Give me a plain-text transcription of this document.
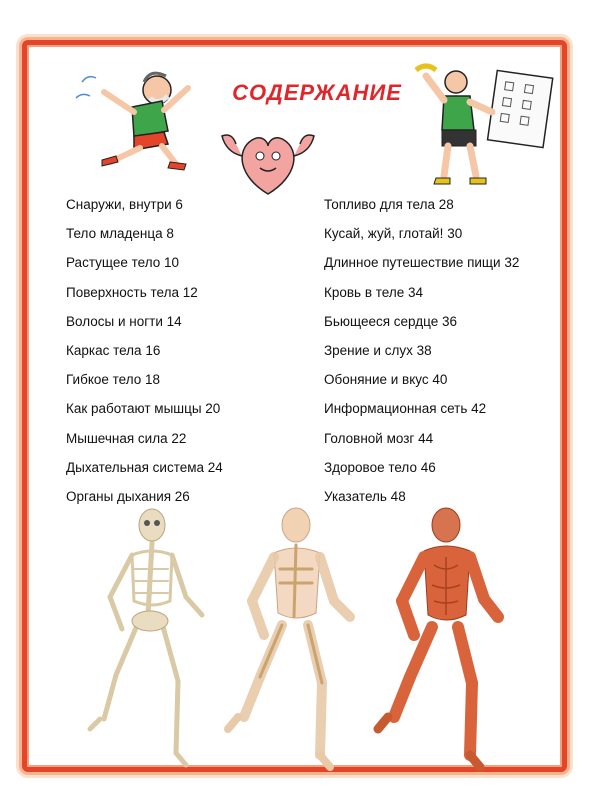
СОДЕРЖАНИЕ
Снаружи, внутри 6
Тело младенца 8
Растущее тело 10
Поверхность тела 12
Волосы и ногти 14
Каркас тела 16
Гибкое тело 18
Как работают мышцы 20
Мышечная сила 22
Дыхательная система 24
Органы дыхания 26
Топливо для тела 28
Кусай, жуй, глотай! 30
Длинное путешествие пищи 32
Кровь в теле 34
Бьющееся сердце 36
Зрение и слух 38
Обоняние и вкус 40
Информационная сеть 42
Головной мозг 44
Здоровое тело 46
Указатель 48
